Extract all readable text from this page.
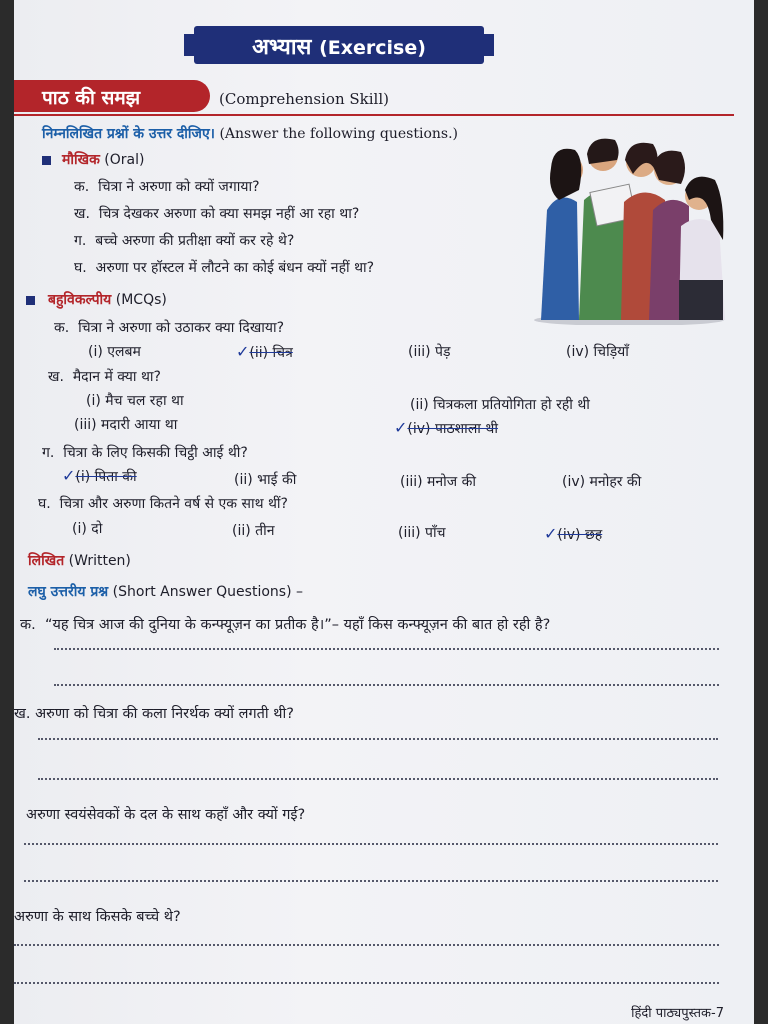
अभ्यास (Exercise)
पाठ की समझ	(Comprehension Skill)
निम्नलिखित प्रश्नों के उत्तर दीजिए। (Answer the following questions.)
मौखिक (Oral)
क. चित्रा ने अरुणा को क्यों जगाया?
ख. चित्र देखकर अरुणा को क्या समझ नहीं आ रहा था?
ग. बच्चे अरुणा की प्रतीक्षा क्यों कर रहे थे?
घ. अरुणा पर हॉस्टल में लौटने का कोई बंधन क्यों नहीं था?
बहुविकल्पीय (MCQs)
क. चित्रा ने अरुणा को उठाकर क्या दिखाया?
(i) एलबम	✓(ii) चित्र	(iii) पेड़	(iv) चिड़ियाँ
ख. मैदान में क्या था?
(i) मैच चल रहा था	(ii) चित्रकला प्रतियोगिता हो रही थी
(iii) मदारी आया था	✓(iv) पाठशाला थी
ग. चित्रा के लिए किसकी चिट्ठी आई थी?
✓(i) पिता की	(ii) भाई की	(iii) मनोज की	(iv) मनोहर की
घ. चित्रा और अरुणा कितने वर्ष से एक साथ थीं?
(i) दो	(ii) तीन	(iii) पाँच	✓(iv) छह
लिखित (Written)
लघु उत्तरीय प्रश्न (Short Answer Questions) –
क. “यह चित्र आज की दुनिया के कन्फ्यूज़न का प्रतीक है।”– यहाँ किस कन्फ्यूज़न की बात हो रही है?
ख. अरुणा को चित्रा की कला निरर्थक क्यों लगती थी?
अरुणा स्वयंसेवकों के दल के साथ कहाँ और क्यों गई?
अरुणा के साथ किसके बच्चे थे?
हिंदी पाठ्यपुस्तक-7
